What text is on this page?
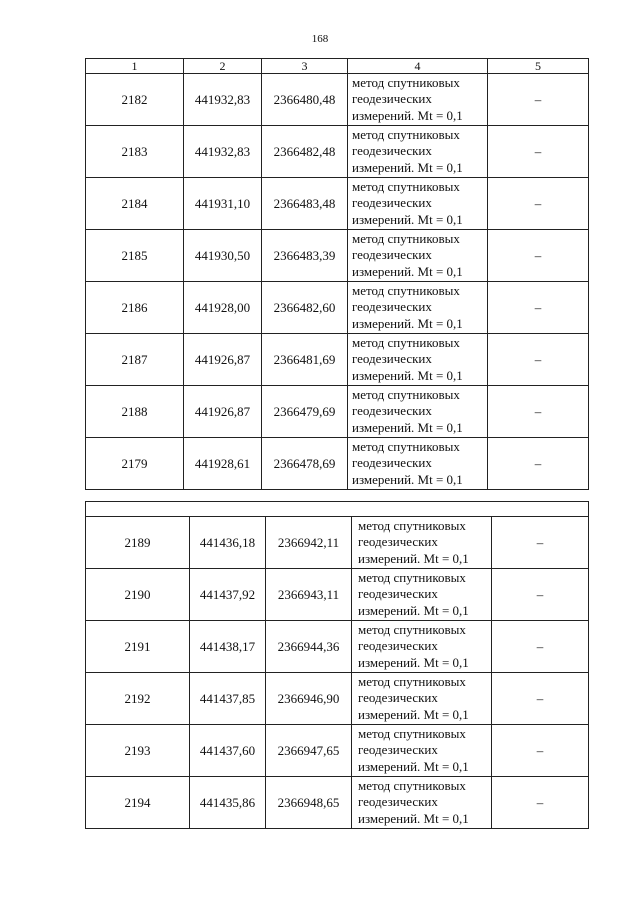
168
1	2	3	4	5
2182	441932,83	2366480,48	метод спутниковых
геодезических
измерений. Mt = 0,1	–
2183	441932,83	2366482,48	метод спутниковых
геодезических
измерений. Mt = 0,1	–
2184	441931,10	2366483,48	метод спутниковых
геодезических
измерений. Mt = 0,1	–
2185	441930,50	2366483,39	метод спутниковых
геодезических
измерений. Mt = 0,1	–
2186	441928,00	2366482,60	метод спутниковых
геодезических
измерений. Mt = 0,1	–
2187	441926,87	2366481,69	метод спутниковых
геодезических
измерений. Mt = 0,1	–
2188	441926,87	2366479,69	метод спутниковых
геодезических
измерений. Mt = 0,1	–
2179	441928,61	2366478,69	метод спутниковых
геодезических
измерений. Mt = 0,1	–

2189	441436,18	2366942,11	метод спутниковых
геодезических
измерений. Mt = 0,1	–
2190	441437,92	2366943,11	метод спутниковых
геодезических
измерений. Mt = 0,1	–
2191	441438,17	2366944,36	метод спутниковых
геодезических
измерений. Mt = 0,1	–
2192	441437,85	2366946,90	метод спутниковых
геодезических
измерений. Mt = 0,1	–
2193	441437,60	2366947,65	метод спутниковых
геодезических
измерений. Mt = 0,1	–
2194	441435,86	2366948,65	метод спутниковых
геодезических
измерений. Mt = 0,1	–
